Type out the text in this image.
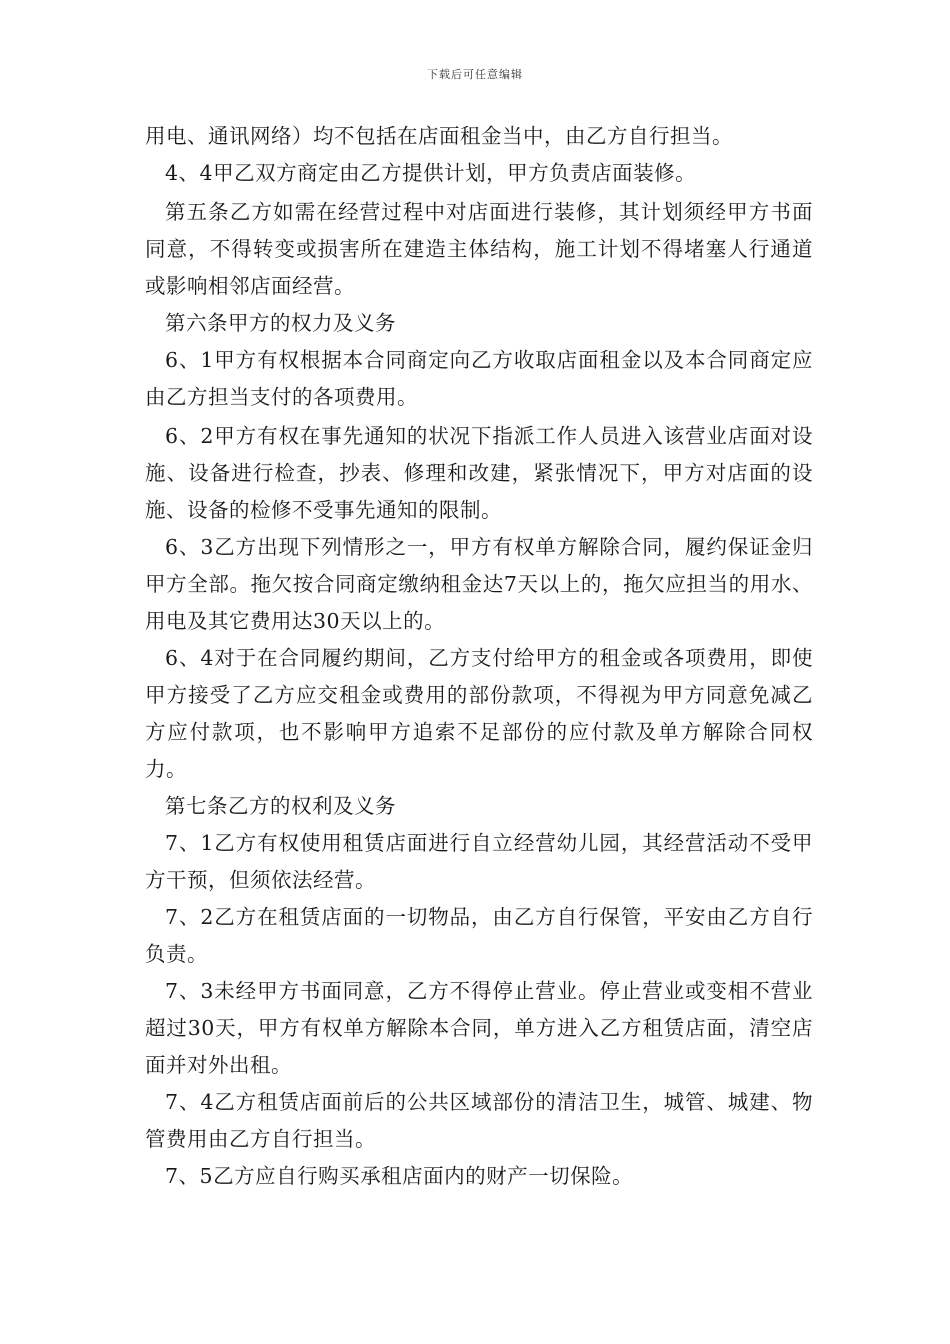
下载后可任意编辑

用电、通讯网络）均不包括在店面租金当中，由乙方自行担当。

4、4甲乙双方商定由乙方提供计划，甲方负责店面装修。

第五条乙方如需在经营过程中对店面进行装修，其计划须经甲方书面同意，不得转变或损害所在建造主体结构，施工计划不得堵塞人行通道或影响相邻店面经营。

第六条甲方的权力及义务

6、1甲方有权根据本合同商定向乙方收取店面租金以及本合同商定应由乙方担当支付的各项费用。

6、2甲方有权在事先通知的状况下指派工作人员进入该营业店面对设施、设备进行检查，抄表、修理和改建，紧张情况下，甲方对店面的设施、设备的检修不受事先通知的限制。

6、3乙方出现下列情形之一，甲方有权单方解除合同，履约保证金归甲方全部。拖欠按合同商定缴纳租金达7天以上的，拖欠应担当的用水、用电及其它费用达30天以上的。

6、4对于在合同履约期间，乙方支付给甲方的租金或各项费用，即使甲方接受了乙方应交租金或费用的部份款项，不得视为甲方同意免减乙方应付款项，也不影响甲方追索不足部份的应付款及单方解除合同权力。

第七条乙方的权利及义务

7、1乙方有权使用租赁店面进行自立经营幼儿园，其经营活动不受甲方干预，但须依法经营。

7、2乙方在租赁店面的一切物品，由乙方自行保管，平安由乙方自行负责。

7、3未经甲方书面同意，乙方不得停止营业。停止营业或变相不营业超过30天，甲方有权单方解除本合同，单方进入乙方租赁店面，清空店面并对外出租。

7、4乙方租赁店面前后的公共区域部份的清洁卫生，城管、城建、物管费用由乙方自行担当。

7、5乙方应自行购买承租店面内的财产一切保险。
